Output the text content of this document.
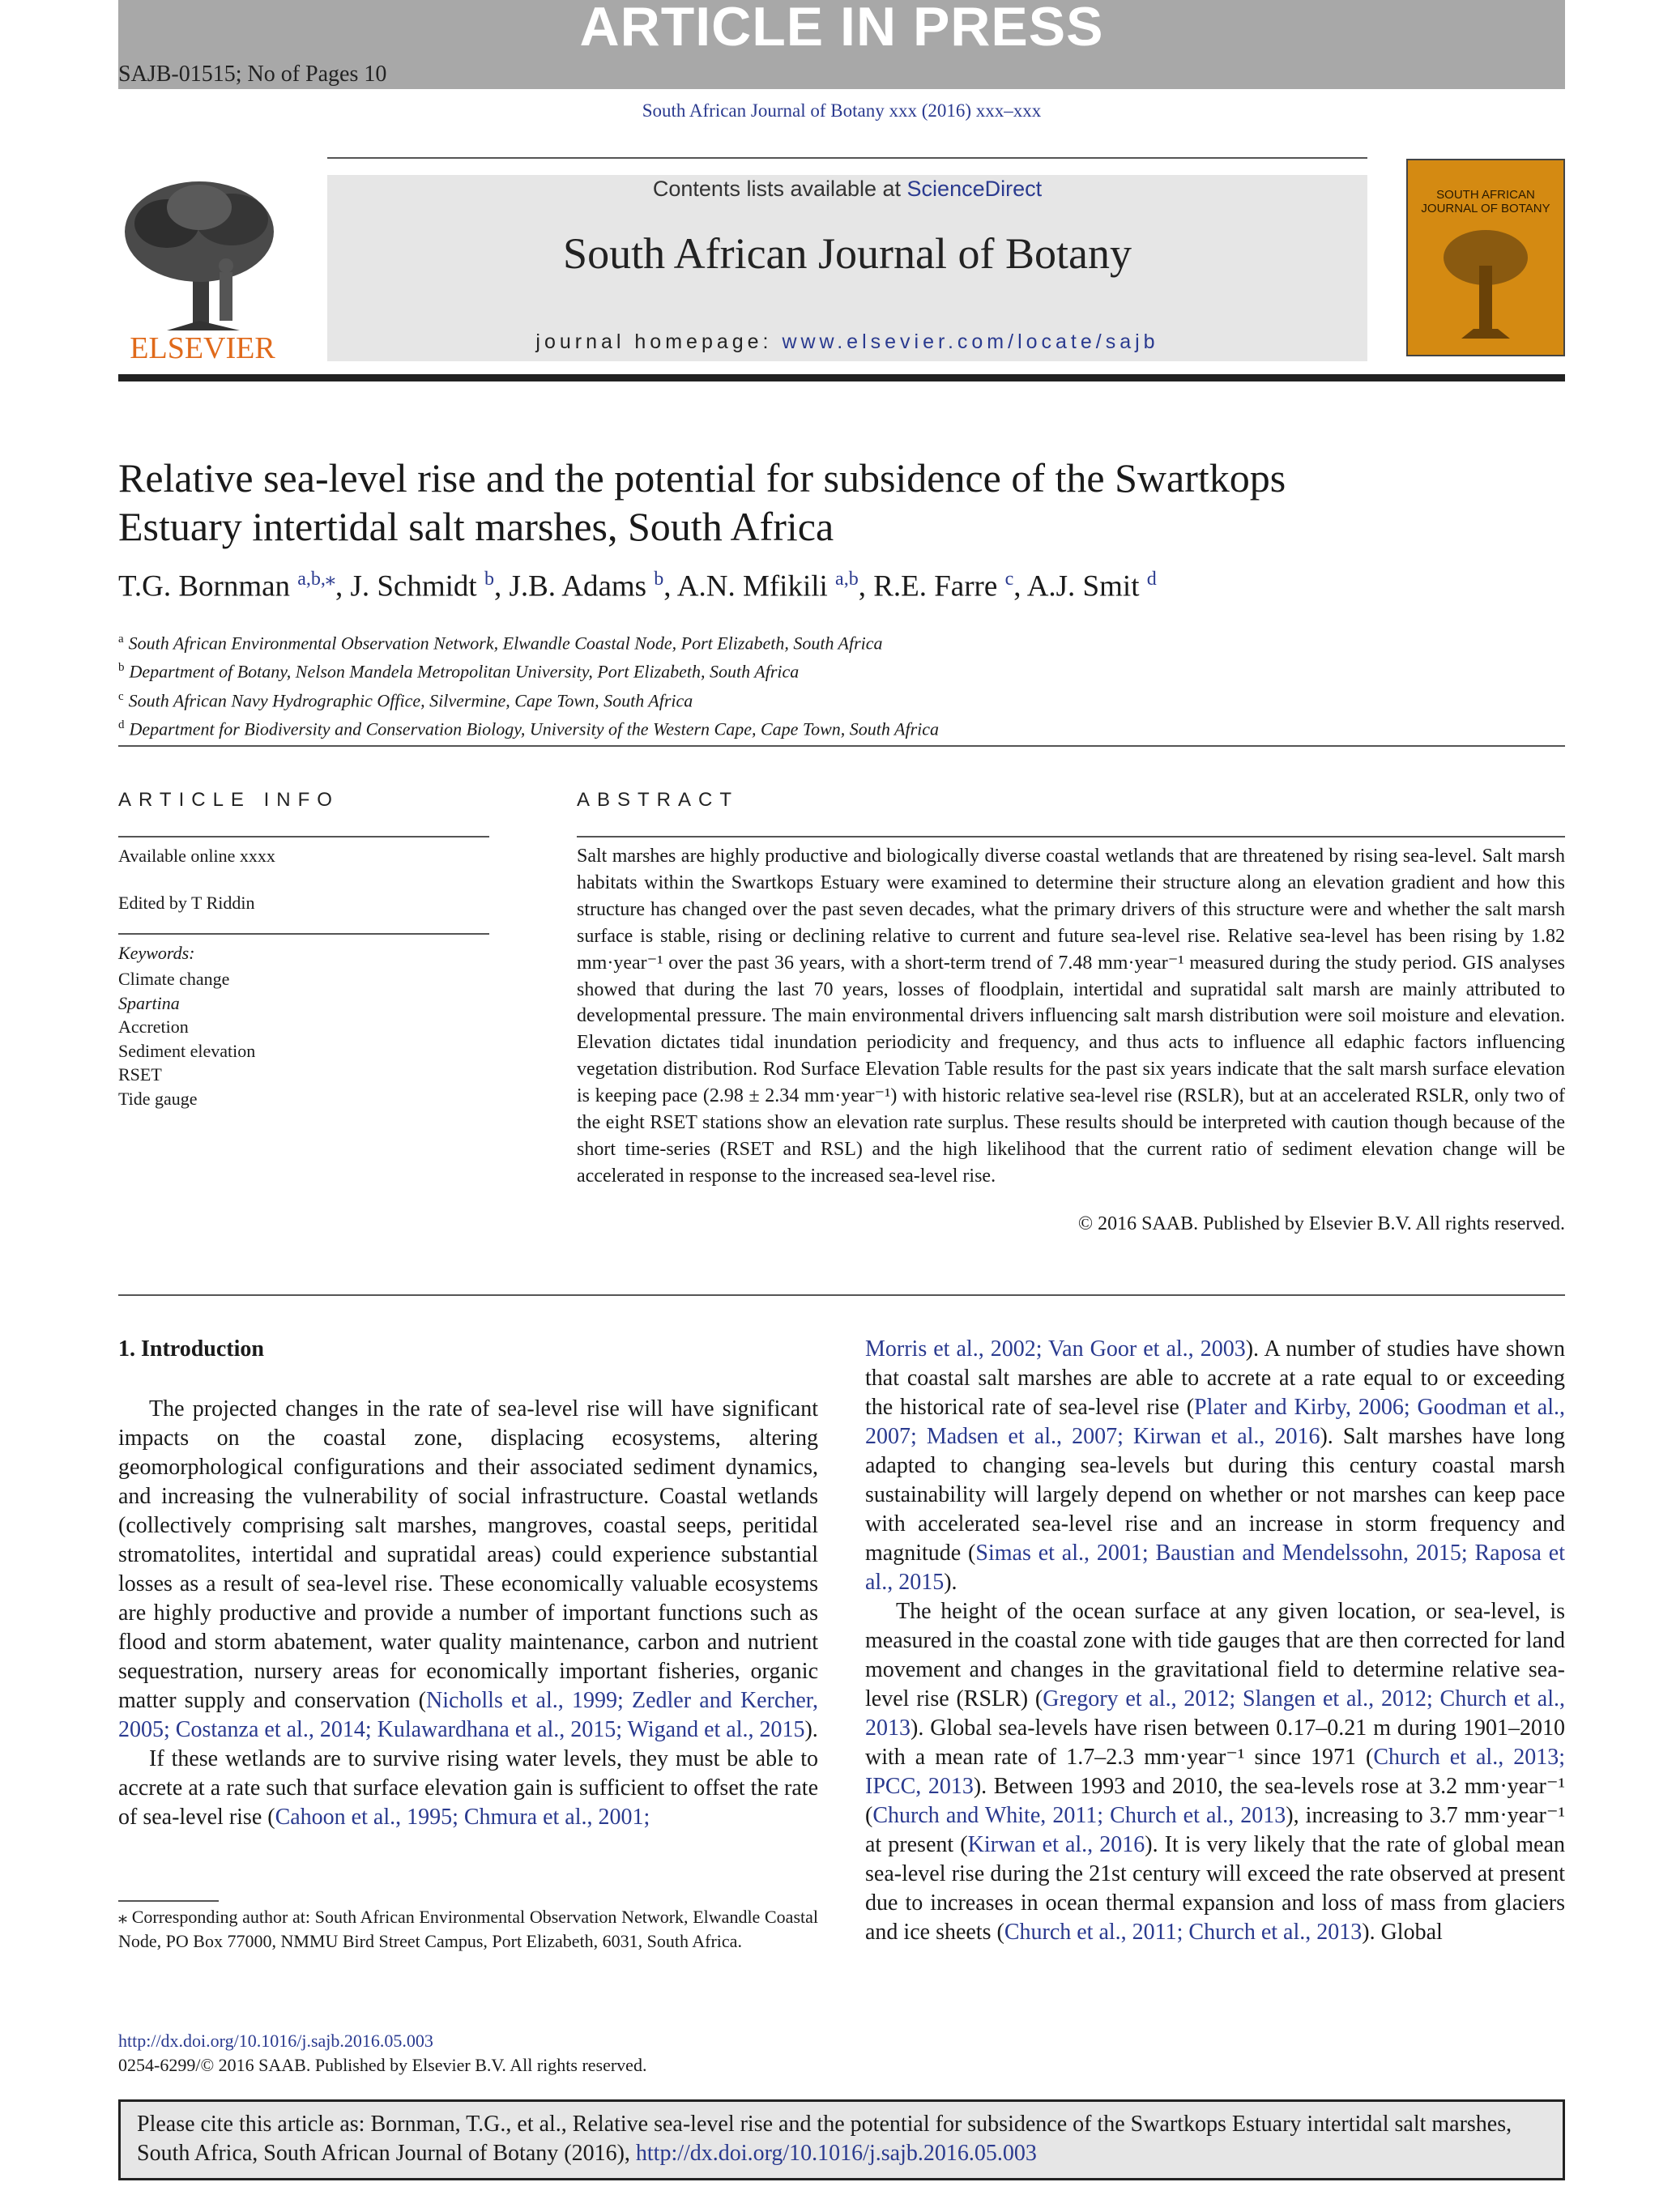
ARTICLE IN PRESS
SAJB-01515; No of Pages 10
South African Journal of Botany xxx (2016) xxx–xxx
ELSEVIER
Contents lists available at ScienceDirect
South African Journal of Botany
journal homepage: www.elsevier.com/locate/sajb
SOUTH AFRICAN JOURNAL OF BOTANY
Relative sea-level rise and the potential for subsidence of the Swartkops Estuary intertidal salt marshes, South Africa
T.G. Bornman $^{a,b,⁎}$, J. Schmidt $^b$, J.B. Adams $^b$, A.N. Mfikili $^{a,b}$, R.E. Farre $^c$, A.J. Smit $^d$
$^a$ South African Environmental Observation Network, Elwandle Coastal Node, Port Elizabeth, South Africa
$^b$ Department of Botany, Nelson Mandela Metropolitan University, Port Elizabeth, South Africa
$^c$ South African Navy Hydrographic Office, Silvermine, Cape Town, South Africa
$^d$ Department for Biodiversity and Conservation Biology, University of the Western Cape, Cape Town, South Africa
ARTICLE INFO
Available online xxxx
Edited by T Riddin
Keywords:
Climate change
Spartina
Accretion
Sediment elevation
RSET
Tide gauge
ABSTRACT
Salt marshes are highly productive and biologically diverse coastal wetlands that are threatened by rising sea-level. Salt marsh habitats within the Swartkops Estuary were examined to determine their structure along an elevation gradient and how this structure has changed over the past seven decades, what the primary drivers of this structure were and whether the salt marsh surface is stable, rising or declining relative to current and future sea-level rise. Relative sea-level has been rising by 1.82 mm·year⁻¹ over the past 36 years, with a short-term trend of 7.48 mm·year⁻¹ measured during the study period. GIS analyses showed that during the last 70 years, losses of floodplain, intertidal and supratidal salt marsh are mainly attributed to developmental pressure. The main environmental drivers influencing salt marsh distribution were soil moisture and elevation. Elevation dictates tidal inundation periodicity and frequency, and thus acts to influence all edaphic factors influencing vegetation distribution. Rod Surface Elevation Table results for the past six years indicate that the salt marsh surface elevation is keeping pace (2.98 ± 2.34 mm·year⁻¹) with historic relative sea-level rise (RSLR), but at an accelerated RSLR, only two of the eight RSET stations show an elevation rate surplus. These results should be interpreted with caution though because of the short time-series (RSET and RSL) and the high likelihood that the current ratio of sediment elevation change will be accelerated in response to the increased sea-level rise.
© 2016 SAAB. Published by Elsevier B.V. All rights reserved.
1. Introduction

The projected changes in the rate of sea-level rise will have significant impacts on the coastal zone, displacing ecosystems, altering geomorphological configurations and their associated sediment dynamics, and increasing the vulnerability of social infrastructure. Coastal wetlands (collectively comprising salt marshes, mangroves, coastal seeps, peritidal stromatolites, intertidal and supratidal areas) could experience substantial losses as a result of sea-level rise. These economically valuable ecosystems are highly productive and provide a number of important functions such as flood and storm abatement, water quality maintenance, carbon and nutrient sequestration, nursery areas for economically important fisheries, organic matter supply and conservation (Nicholls et al., 1999; Zedler and Kercher, 2005; Costanza et al., 2014; Kulawardhana et al., 2015; Wigand et al., 2015).

If these wetlands are to survive rising water levels, they must be able to accrete at a rate such that surface elevation gain is sufficient to offset the rate of sea-level rise (Cahoon et al., 1995; Chmura et al., 2001;

Morris et al., 2002; Van Goor et al., 2003). A number of studies have shown that coastal salt marshes are able to accrete at a rate equal to or exceeding the historical rate of sea-level rise (Plater and Kirby, 2006; Goodman et al., 2007; Madsen et al., 2007; Kirwan et al., 2016). Salt marshes have long adapted to changing sea-levels but during this century coastal marsh sustainability will largely depend on whether or not marshes can keep pace with accelerated sea-level rise and an increase in storm frequency and magnitude (Simas et al., 2001; Baustian and Mendelssohn, 2015; Raposa et al., 2015).

The height of the ocean surface at any given location, or sea-level, is measured in the coastal zone with tide gauges that are then corrected for land movement and changes in the gravitational field to determine relative sea-level rise (RSLR) (Gregory et al., 2012; Slangen et al., 2012; Church et al., 2013). Global sea-levels have risen between 0.17–0.21 m during 1901–2010 with a mean rate of 1.7–2.3 mm·year⁻¹ since 1971 (Church et al., 2013; IPCC, 2013). Between 1993 and 2010, the sea-levels rose at 3.2 mm·year⁻¹ (Church and White, 2011; Church et al., 2013), increasing to 3.7 mm·year⁻¹ at present (Kirwan et al., 2016). It is very likely that the rate of global mean sea-level rise during the 21st century will exceed the rate observed at present due to increases in ocean thermal expansion and loss of mass from glaciers and ice sheets (Church et al., 2011; Church et al., 2013). Global

⁎ Corresponding author at: South African Environmental Observation Network, Elwandle Coastal Node, PO Box 77000, NMMU Bird Street Campus, Port Elizabeth, 6031, South Africa.
http://dx.doi.org/10.1016/j.sajb.2016.05.003
0254-6299/© 2016 SAAB. Published by Elsevier B.V. All rights reserved.
Please cite this article as: Bornman, T.G., et al., Relative sea-level rise and the potential for subsidence of the Swartkops Estuary intertidal salt marshes, South Africa, South African Journal of Botany (2016), http://dx.doi.org/10.1016/j.sajb.2016.05.003
